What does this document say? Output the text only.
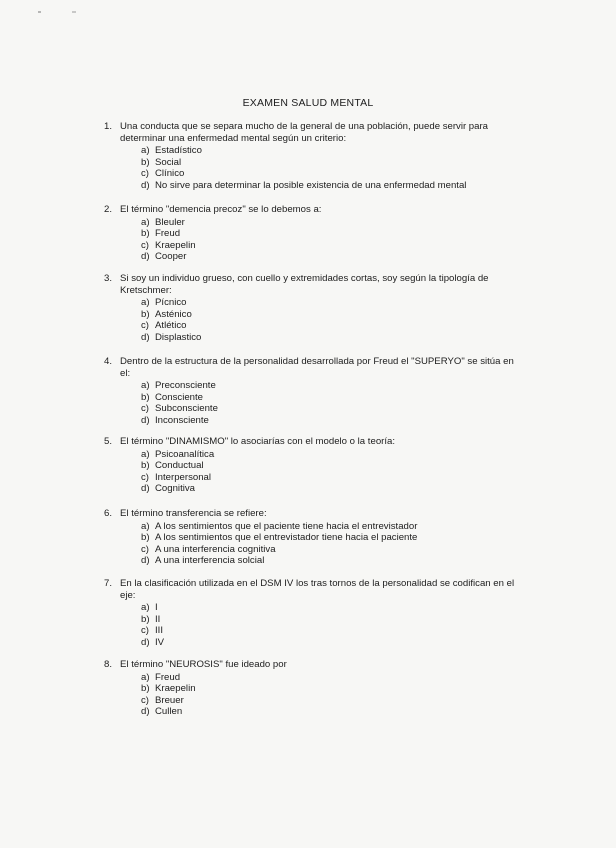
EXAMEN SALUD MENTAL
1. Una conducta que se separa mucho de la general de una población, puede servir para determinar una enfermedad mental según un criterio:
a) Estadístico
b) Social
c) Clínico
d) No sirve para determinar la posible existencia de una enfermedad mental
2. El término "demencia precoz" se lo debemos a:
a) Bleuler
b) Freud
c) Kraepelin
d) Cooper
3. Si soy un individuo grueso, con cuello y extremidades cortas, soy según la tipología de Kretschmer:
a) Pícnico
b) Asténico
c) Atlético
d) Displastico
4. Dentro de la estructura de la personalidad desarrollada por Freud el "SUPERYO" se sitúa en el:
a) Preconsciente
b) Consciente
c) Subconsciente
d) Inconsciente
5. El término "DINAMISMO" lo asociarías con el modelo o la teoría:
a) Psicoanalítica
b) Conductual
c) Interpersonal
d) Cognitiva
6. El término transferencia se refiere:
a) A los sentimientos que el paciente tiene hacia el entrevistador
b) A los sentimientos que el entrevistador tiene hacia el paciente
c) A una interferencia cognitiva
d) A una interferencia solcial
7. En la clasificación utilizada en el DSM IV los tras tornos de la personalidad se codifican en el eje:
a) I
b) II
c) III
d) IV
8. El término "NEUROSIS" fue ideado por
a) Freud
b) Kraepelin
c) Breuer
d) Cullen
